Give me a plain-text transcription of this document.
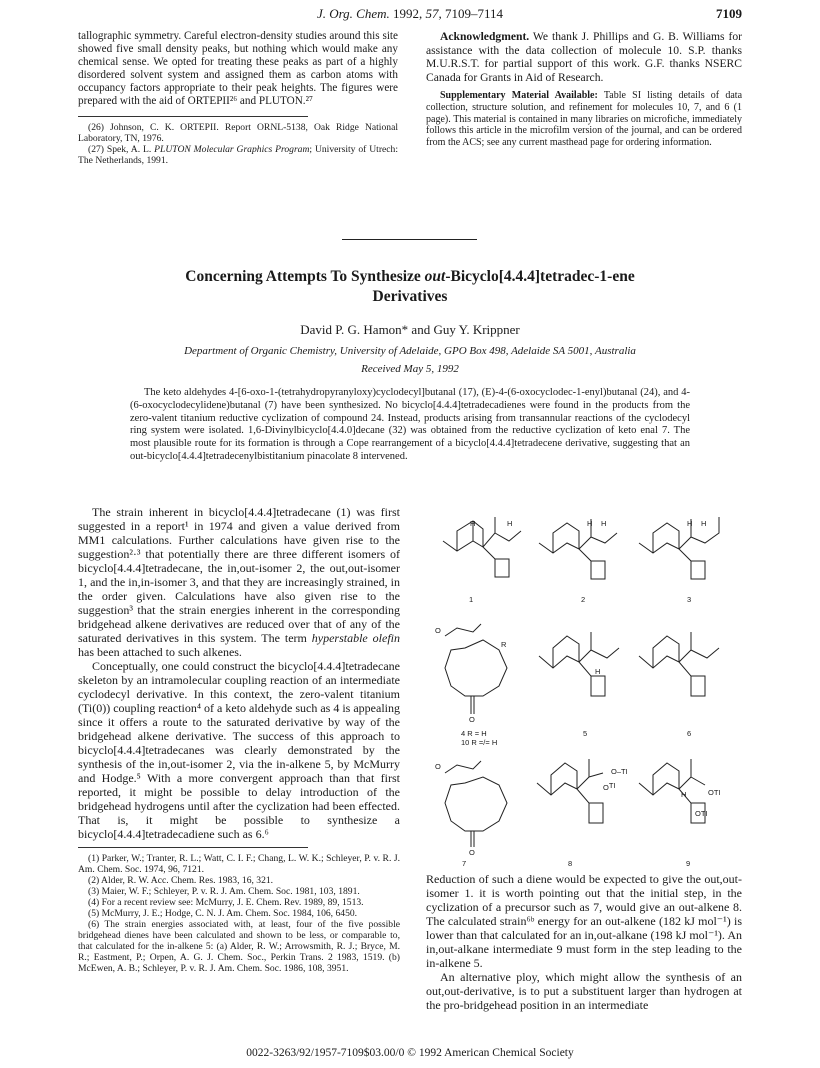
J. Org. Chem. 1992, 57, 7109–7114	7109

tallographic symmetry. Careful electron-density studies around this site showed five small density peaks, but nothing which would make any chemical sense. We opted for treating these peaks as part of a highly disordered solvent system and assigned them as carbon atoms with occupancy factors appropriate to their peak heights. The figures were prepared with the aid of ORTEPII²⁶ and PLUTON.²⁷

(26) Johnson, C. K. ORTEPII. Report ORNL-5138, Oak Ridge National Laboratory, TN, 1976.

(27) Spek, A. L. PLUTON Molecular Graphics Program; University of Utrech: The Netherlands, 1991.

Acknowledgment. We thank J. Phillips and G. B. Williams for assistance with the data collection of molecule 10. S.P. thanks M.U.R.S.T. for partial support of this work. G.F. thanks NSERC Canada for Grants in Aid of Research.

Supplementary Material Available: Table SI listing details of data collection, structure solution, and refinement for molecules 10, 7, and 6 (1 page). This material is contained in many libraries on microfiche, immediately follows this article in the microfilm version of the journal, and can be ordered from the ACS; see any current masthead page for ordering information.

Concerning Attempts To Synthesize out-Bicyclo[4.4.4]tetradec-1-ene
Derivatives
David P. G. Hamon* and Guy Y. Krippner
Department of Organic Chemistry, University of Adelaide, GPO Box 498, Adelaide SA 5001, Australia
Received May 5, 1992
The keto aldehydes 4-[6-oxo-1-(tetrahydropyranyloxy)cyclodecyl]butanal (17), (E)-4-(6-oxocyclodec-1-enyl)butanal (24), and 4-(6-oxocyclodecylidene)butanal (7) have been synthesized. No bicyclo[4.4.4]tetradecadienes were found in the products from the zero-valent titanium reductive cyclization of compound 24. Instead, products arising from transannular reactions of the cyclodecyl ring system were isolated. 1,6-Divinylbicyclo[4.4.0]decane (32) was obtained from the reductive cyclization of keto enal 7. The most plausible route for its formation is through a Cope rearrangement of a bicyclo[4.4.4]tetradecene derivative, suggesting that an out-bicyclo[4.4.4]tetradecenylbistitanium pinacolate 8 intervened.

The strain inherent in bicyclo[4.4.4]tetradecane (1) was first suggested in a report¹ in 1974 and given a value derived from MM1 calculations. Further calculations have given rise to the suggestion²·³ that potentially there are three different isomers of bicyclo[4.4.4]tetradecane, the in,out-isomer 2, the out,out-isomer 1, and the in,in-isomer 3, and that they are increasingly strained, in the order given. Calculations have also given rise to the suggestion³ that the strain energies inherent in the corresponding bridgehead alkene derivatives are reduced over that of any of the saturated derivatives in this system. The term hyperstable olefin has been attached to such alkenes.

Conceptually, one could construct the bicyclo[4.4.4]tetradecane skeleton by an intramolecular coupling reaction of an intermediate cyclodecyl derivative. In this context, the zero-valent titanium (Ti(0)) coupling reaction⁴ of a keto aldehyde such as 4 is appealing since it offers a route to the saturated derivative by way of the bridgehead alkene derivative. The success of this approach to bicyclo[4.4.4]tetradecanes was clearly demonstrated by the synthesis of the in,out-isomer 2, via the in-alkene 5, by McMurry and Hodge.⁵ With a more convergent approach than that first reported, it might be possible to delay introduction of the bridgehead hydrogens until after the cyclization had been effected. That is, it might be possible to synthesize a bicyclo[4.4.4]tetradecadiene such as 6.⁶

(1) Parker, W.; Tranter, R. L.; Watt, C. I. F.; Chang, L. W. K.; Schleyer, P. v. R. J. Am. Chem. Soc. 1974, 96, 7121.

(2) Alder, R. W. Acc. Chem. Res. 1983, 16, 321.

(3) Maier, W. F.; Schleyer, P. v. R. J. Am. Chem. Soc. 1981, 103, 1891.

(4) For a recent review see: McMurry, J. E. Chem. Rev. 1989, 89, 1513.

(5) McMurry, J. E.; Hodge, C. N. J. Am. Chem. Soc. 1984, 106, 6450.

(6) The strain energies associated with, at least, four of the five possible bridgehead dienes have been calculated and shown to be less, or comparable to, that calculated for the in-alkene 5: (a) Alder, R. W.; Arrowsmith, R. J.; Bryce, M. R.; Eastment, P.; Orpen, A. G. J. Chem. Soc., Perkin Trans. 2 1983, 1519. (b) McEwen, A. B.; Schleyer, P. v. R. J. Am. Chem. Soc. 1986, 108, 3951.

H	H	H H	H H
1	2	3
O
R
O
H
4 R = H
10 R =/= H
5	6
O
O
O–TI
OTI
H	OTI
OTI
7	8	9

Reduction of such a diene would be expected to give the out,out-isomer 1. it is worth pointing out that the initial step, in the cyclization of a precursor such as 7, would give an out-alkene 8. The calculated strain⁶ᵇ energy for an out-alkene (182 kJ mol⁻¹) is lower than that calculated for an in,out-alkane (198 kJ mol⁻¹). An in,out-alkane intermediate 9 must form in the step leading to the in-alkene 5.

An alternative ploy, which might allow the synthesis of an out,out-derivative, is to put a substituent larger than hydrogen at the pro-bridgehead position in an intermediate

0022-3263/92/1957-7109$03.00/0 © 1992 American Chemical Society
